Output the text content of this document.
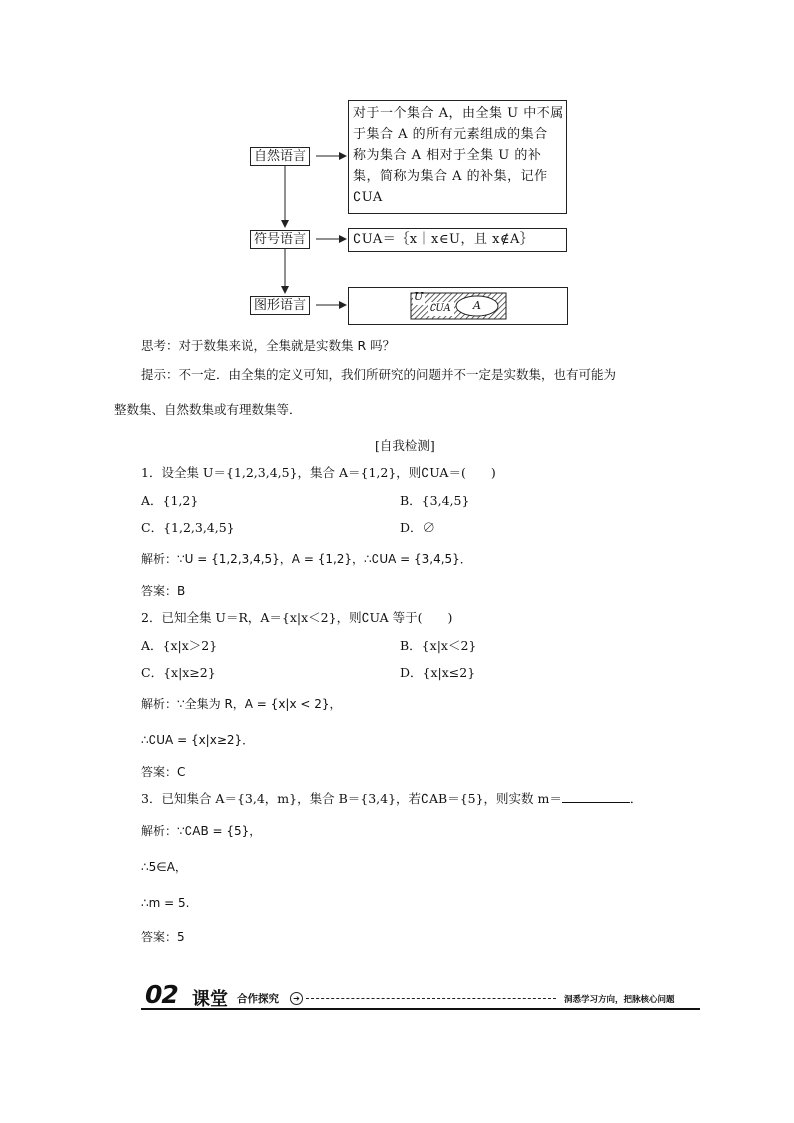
自然语言
符号语言
图形语言
对于一个集合 A，由全集 U 中不属
于集合 A 的所有元素组成的集合
称为集合 A 相对于全集 U 的补
集，简称为集合 A 的补集，记作
∁UA
∁UA＝｛x｜x∈U，且 x∉A｝
U
∁UA A
思考：对于数集来说，全集就是实数集 R 吗？
提示：不一定．由全集的定义可知，我们所研究的问题并不一定是实数集，也有可能为
整数集、自然数集或有理数集等．
[自我检测]
1．设全集 U＝{1,2,3,4,5}，集合 A＝{1,2}，则∁UA＝(　　)
A．{1,2}	B．{3,4,5}
C．{1,2,3,4,5}	D．∅
解析：∵U = {1,2,3,4,5}，A = {1,2}，∴∁UA = {3,4,5}．
答案：B
2．已知全集 U＝R，A＝{x|x＜2}，则∁UA 等于(　　)
A．{x|x＞2}	B．{x|x＜2}
C．{x|x≥2}	D．{x|x≤2}
解析：∵全集为 R，A = {x|x < 2}，
∴∁UA = {x|x≥2}．
答案：C
3．已知集合 A＝{3,4，m}，集合 B＝{3,4}，若∁AB＝{5}，则实数 m＝	．
解析：∵∁AB = {5}，
∴5∈A，
∴m = 5.
答案：5
02 课堂 合作探究	➔	洞悉学习方向，把脉核心问题
